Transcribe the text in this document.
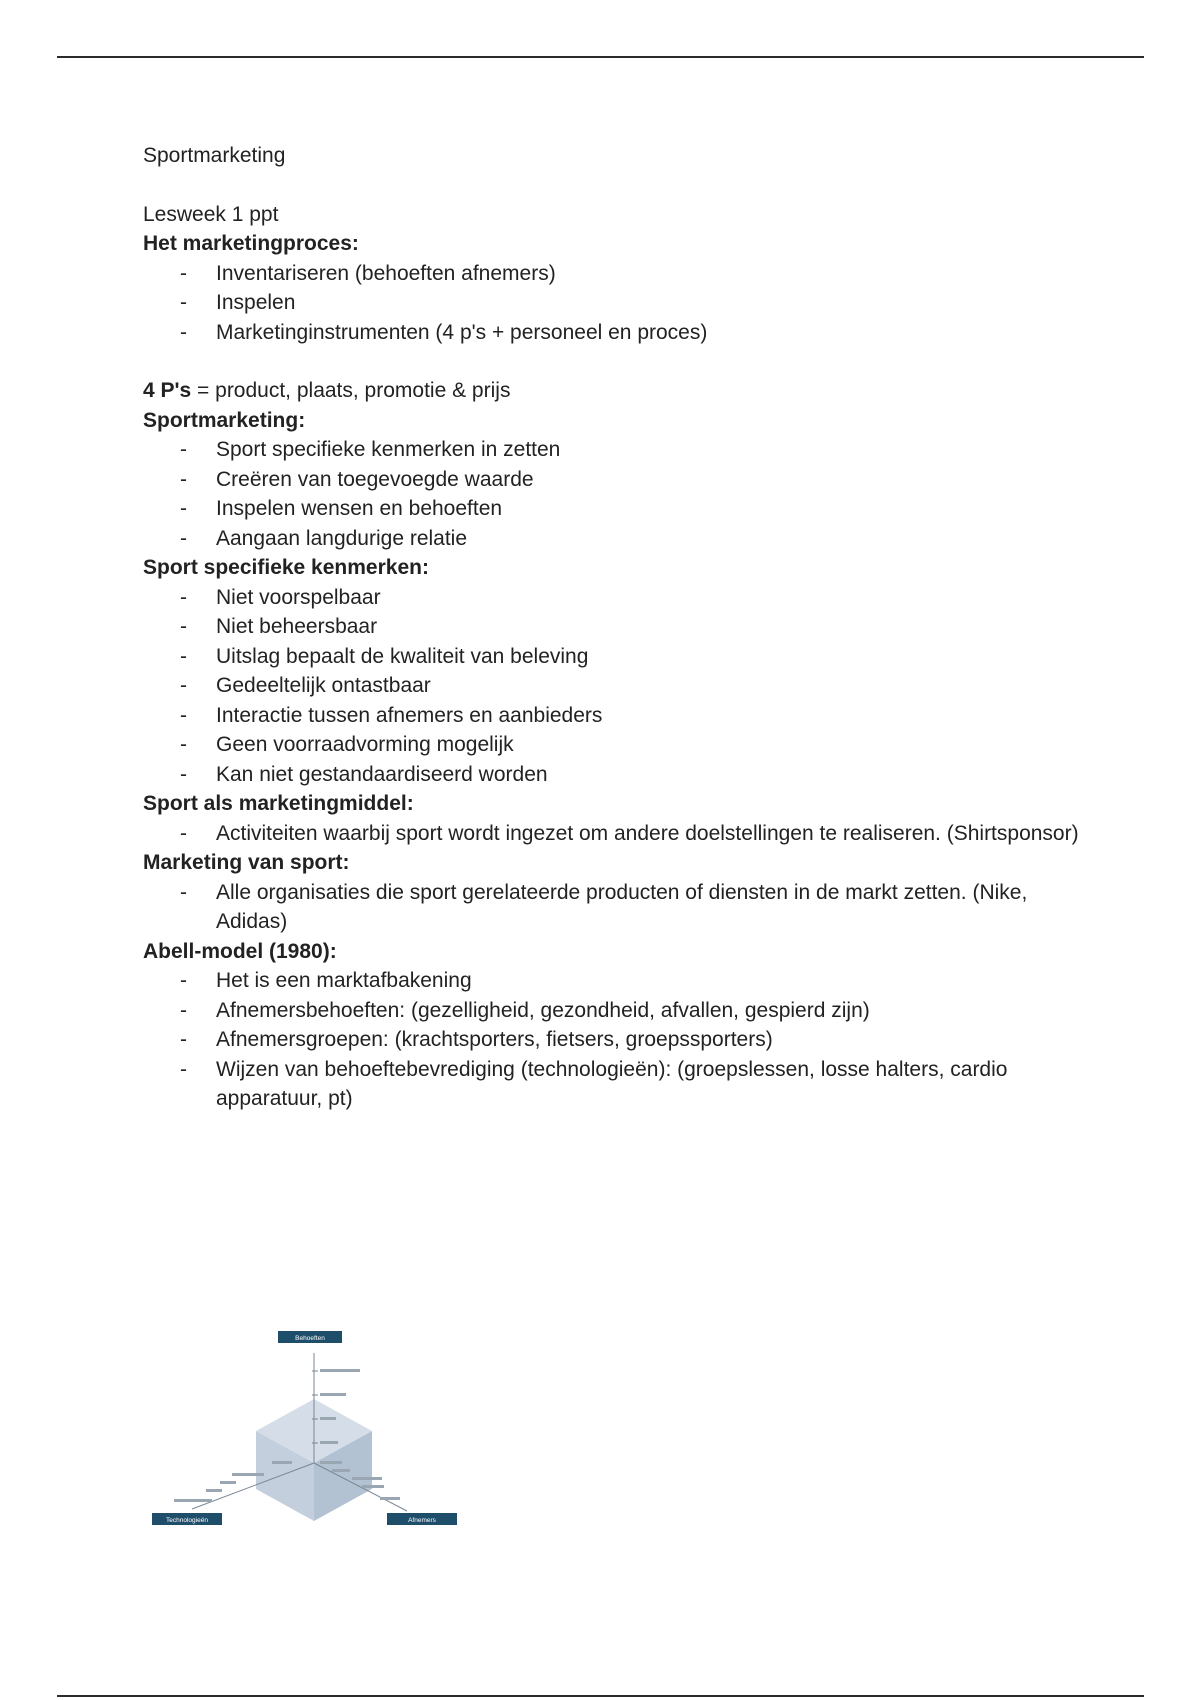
Sportmarketing

Lesweek 1 ppt

Het marketingproces:

- Inventariseren (behoeften afnemers)
- Inspelen
- Marketinginstrumenten (4 p's + personeel en proces)

4 P's = product, plaats, promotie & prijs

Sportmarketing:

- Sport specifieke kenmerken in zetten
- Creëren van toegevoegde waarde
- Inspelen wensen en behoeften
- Aangaan langdurige relatie

Sport specifieke kenmerken:

- Niet voorspelbaar
- Niet beheersbaar
- Uitslag bepaalt de kwaliteit van beleving
- Gedeeltelijk ontastbaar
- Interactie tussen afnemers en aanbieders
- Geen voorraadvorming mogelijk
- Kan niet gestandaardiseerd worden

Sport als marketingmiddel:

- Activiteiten waarbij sport wordt ingezet om andere doelstellingen te realiseren. (Shirtsponsor)

Marketing van sport:

- Alle organisaties die sport gerelateerde producten of diensten in de markt zetten. (Nike, Adidas)

Abell-model (1980):

- Het is een marktafbakening
- Afnemersbehoeften: (gezelligheid, gezondheid, afvallen, gespierd zijn)
- Afnemersgroepen: (krachtsporters, fietsers, groepssporters)
- Wijzen van behoeftebevrediging (technologieën): (groepslessen, losse halters, cardio apparatuur, pt)
Behoeften
Technologieën	Afnemers
